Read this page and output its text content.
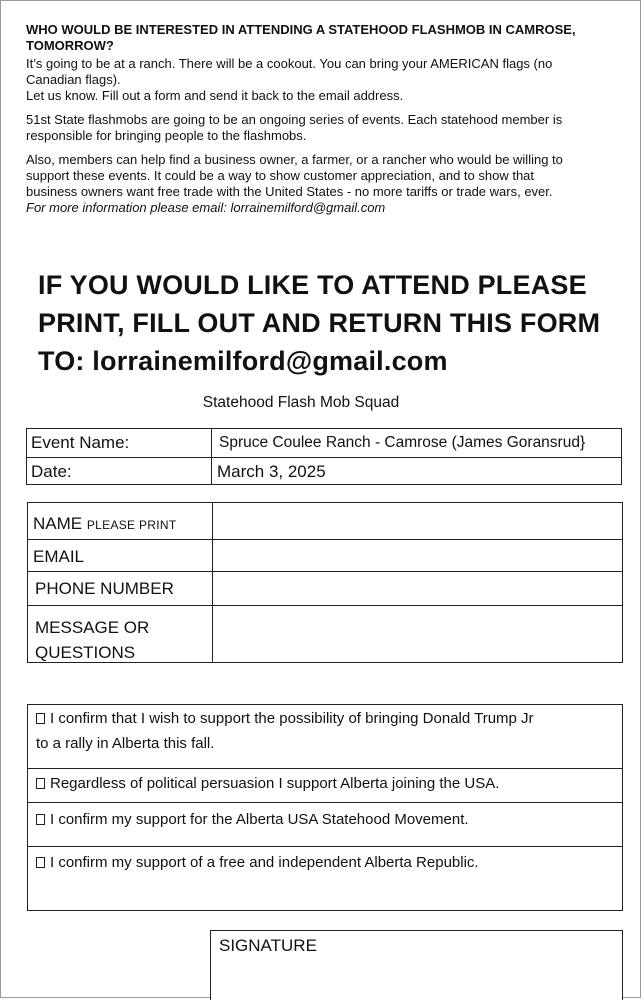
WHO WOULD BE INTERESTED IN ATTENDING A STATEHOOD FLASHMOB IN CAMROSE,
TOMORROW?

It’s going to be at a ranch. There will be a cookout. You can bring your AMERICAN flags (no
Canadian flags).
Let us know. Fill out a form and send it back to the email address.

51st State flashmobs are going to be an ongoing series of events. Each statehood member is
responsible for bringing people to the flashmobs.

Also, members can help find a business owner, a farmer, or a rancher who would be willing to
support these events. It could be a way to show customer appreciation, and to show that
business owners want free trade with the United States - no more tariffs or trade wars, ever.
For more information please email: lorrainemilford@gmail.com

IF YOU WOULD LIKE TO ATTEND PLEASE
PRINT, FILL OUT AND RETURN THIS FORM
TO: lorrainemilford@gmail.com
Statehood Flash Mob Squad
Event Name:	Spruce Coulee Ranch - Camrose (James Goransrud}
Date:	March 3, 2025
NAME PLEASE PRINT
EMAIL
PHONE NUMBER
MESSAGE OR
QUESTIONS
I confirm that I wish to support the possibility of bringing Donald Trump Jr
to a rally in Alberta this fall.
Regardless of political persuasion I support Alberta joining the USA.
I confirm my support for the Alberta USA Statehood Movement.
I confirm my support of a free and independent Alberta Republic.
SIGNATURE
